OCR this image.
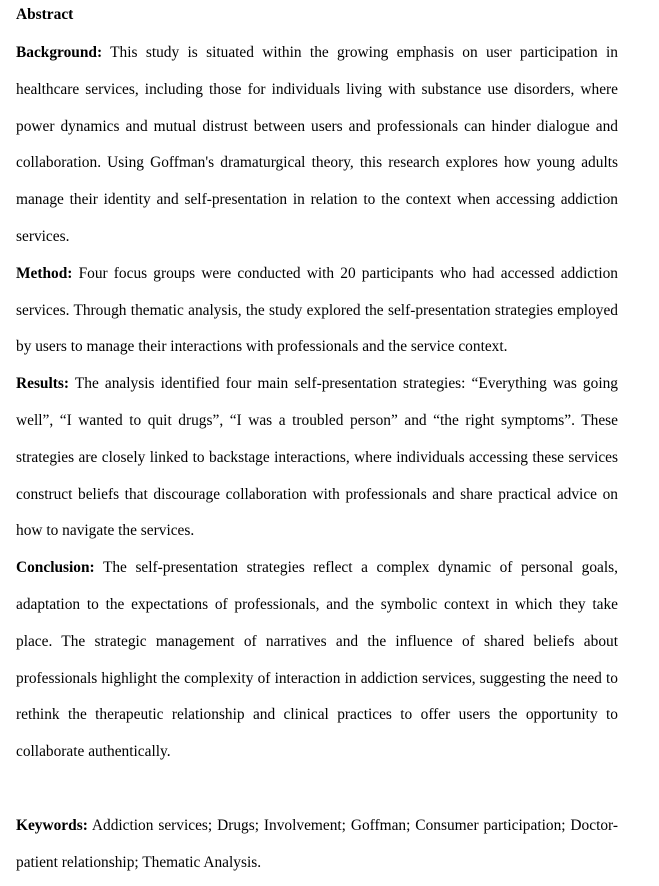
Abstract

Background: This study is situated within the growing emphasis on user participation in healthcare services, including those for individuals living with substance use disorders, where power dynamics and mutual distrust between users and professionals can hinder dialogue and collaboration. Using Goffman's dramaturgical theory, this research explores how young adults manage their identity and self-presentation in relation to the context when accessing addiction services.

Method: Four focus groups were conducted with 20 participants who had accessed addiction services. Through thematic analysis, the study explored the self-presentation strategies employed by users to manage their interactions with professionals and the service context.

Results: The analysis identified four main self-presentation strategies: “Everything was going well”, “I wanted to quit drugs”, “I was a troubled person” and “the right symptoms”. These strategies are closely linked to backstage interactions, where individuals accessing these services construct beliefs that discourage collaboration with professionals and share practical advice on how to navigate the services.

Conclusion: The self-presentation strategies reflect a complex dynamic of personal goals, adaptation to the expectations of professionals, and the symbolic context in which they take place. The strategic management of narratives and the influence of shared beliefs about professionals highlight the complexity of interaction in addiction services, suggesting the need to rethink the therapeutic relationship and clinical practices to offer users the opportunity to collaborate authentically.

Keywords: Addiction services; Drugs; Involvement; Goffman; Consumer participation; Doctor-patient relationship; Thematic Analysis.
